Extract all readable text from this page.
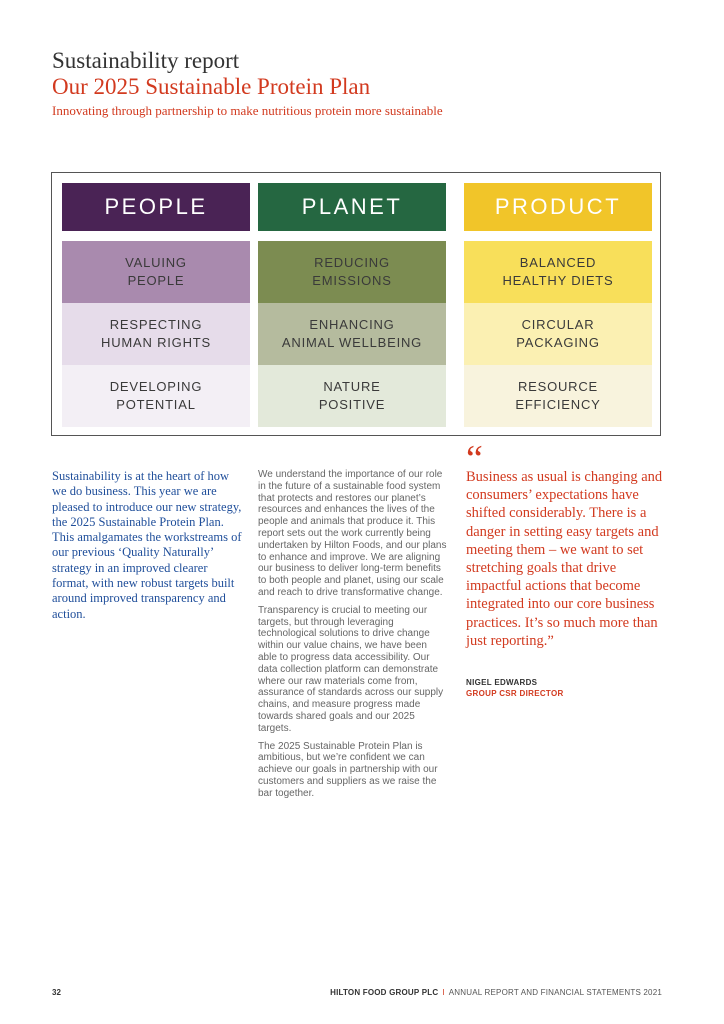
Sustainability report
Our 2025 Sustainable Protein Plan
Innovating through partnership to make nutritious protein more sustainable
PEOPLE
VALUING
PEOPLE
RESPECTING
HUMAN RIGHTS
DEVELOPING
POTENTIAL
PLANET
REDUCING
EMISSIONS
ENHANCING
ANIMAL WELLBEING
NATURE
POSITIVE
PRODUCT
BALANCED
HEALTHY DIETS
CIRCULAR
PACKAGING
RESOURCE
EFFICIENCY
Sustainability is at the heart of how we do business. This year we are pleased to introduce our new strategy, the 2025 Sustainable Protein Plan. This amalgamates the workstreams of our previous ‘Quality Naturally’ strategy in an improved clearer format, with new robust targets built around improved transparency and action.

We understand the importance of our role in the future of a sustainable food system that protects and restores our planet’s resources and enhances the lives of the people and animals that produce it. This report sets out the work currently being undertaken by Hilton Foods, and our plans to enhance and improve. We are aligning our business to deliver long-term benefits to both people and planet, using our scale and reach to drive transformative change.

Transparency is crucial to meeting our targets, but through leveraging technological solutions to drive change within our value chains, we have been able to progress data accessibility. Our data collection platform can demonstrate where our raw materials come from, assurance of standards across our supply chains, and measure progress made towards shared goals and our 2025 targets.

The 2025 Sustainable Protein Plan is ambitious, but we’re confident we can achieve our goals in partnership with our customers and suppliers as we raise the bar together.

“
Business as usual is changing and consumers’ expectations have shifted considerably. There is a danger in setting easy targets and meeting them – we want to set stretching goals that drive impactful actions that become integrated into our core business practices. It’s so much more than just reporting.”
NIGEL EDWARDS
GROUP CSR DIRECTOR
32	HILTON FOOD GROUP PLC I ANNUAL REPORT AND FINANCIAL STATEMENTS 2021
